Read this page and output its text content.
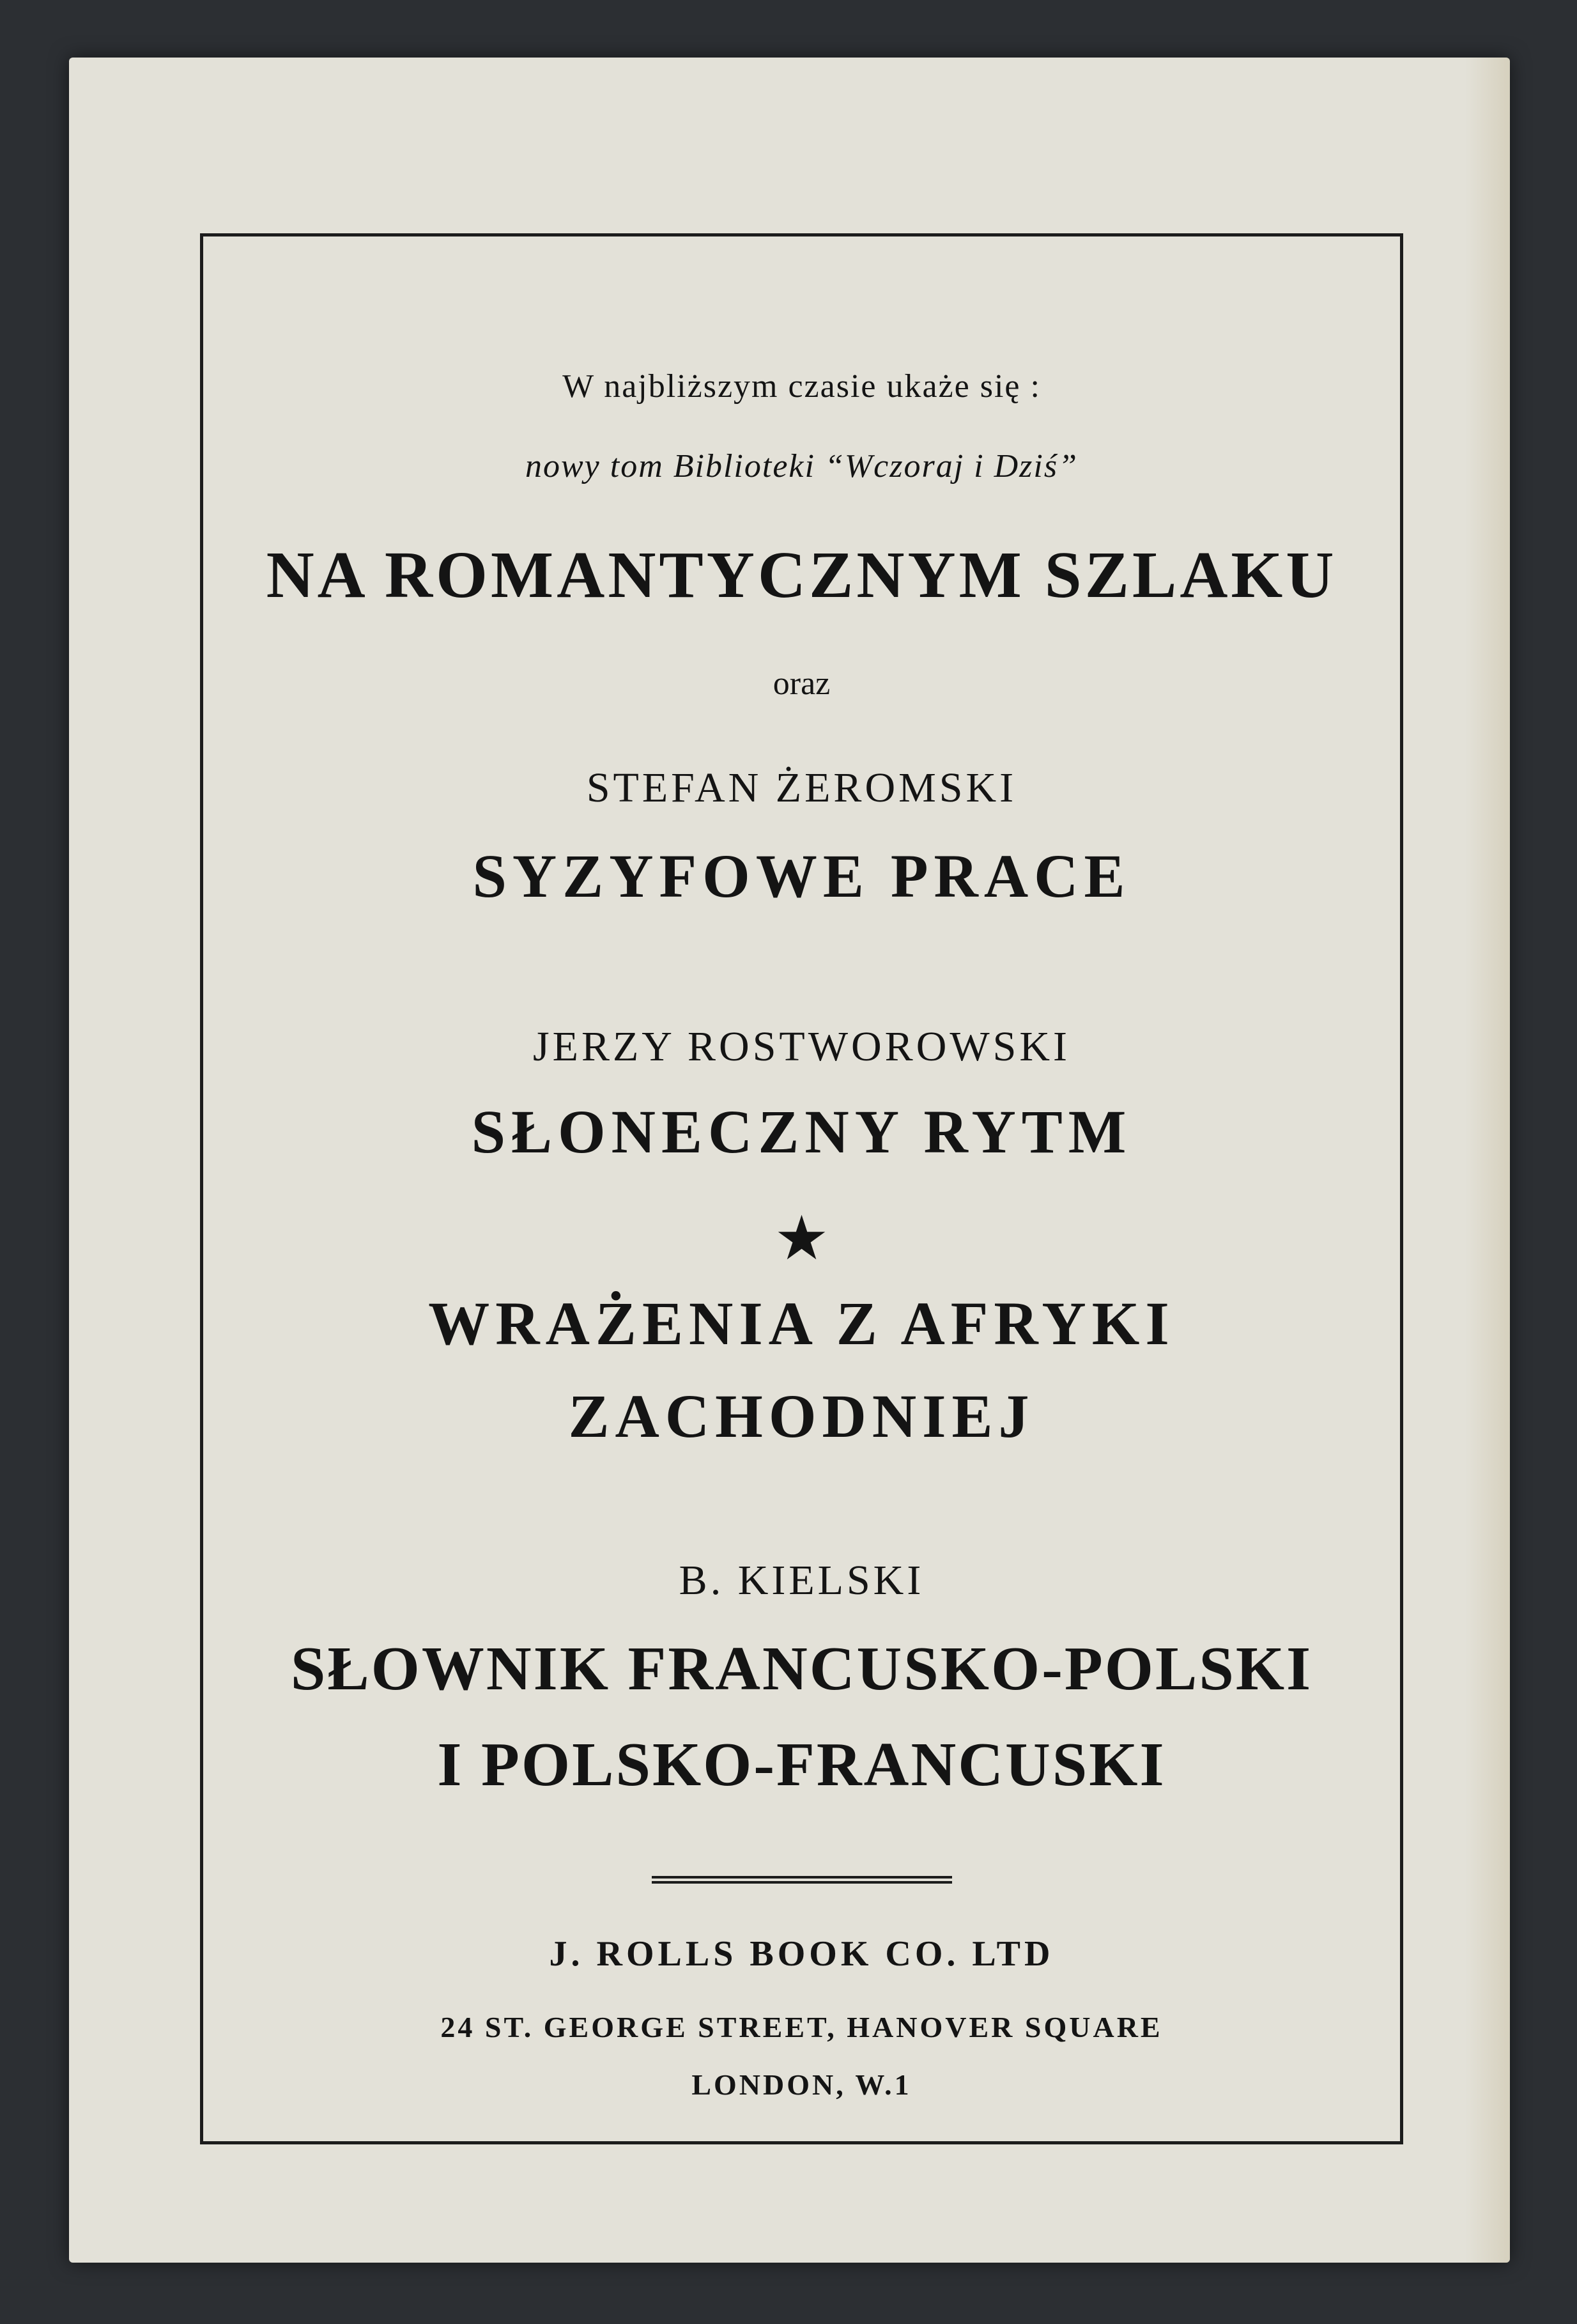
W najbliższym czasie ukaże się :
nowy tom Biblioteki “Wczoraj i Dziś”
NA ROMANTYCZNYM SZLAKU
oraz
STEFAN ŻEROMSKI
SYZYFOWE PRACE
JERZY ROSTWOROWSKI
SŁONECZNY RYTM
★
WRAŻENIA Z AFRYKI
ZACHODNIEJ
B. KIELSKI
SŁOWNIK FRANCUSKO-POLSKI
I POLSKO-FRANCUSKI
J. ROLLS BOOK CO. LTD
24 ST. GEORGE STREET, HANOVER SQUARE
LONDON, W.1
